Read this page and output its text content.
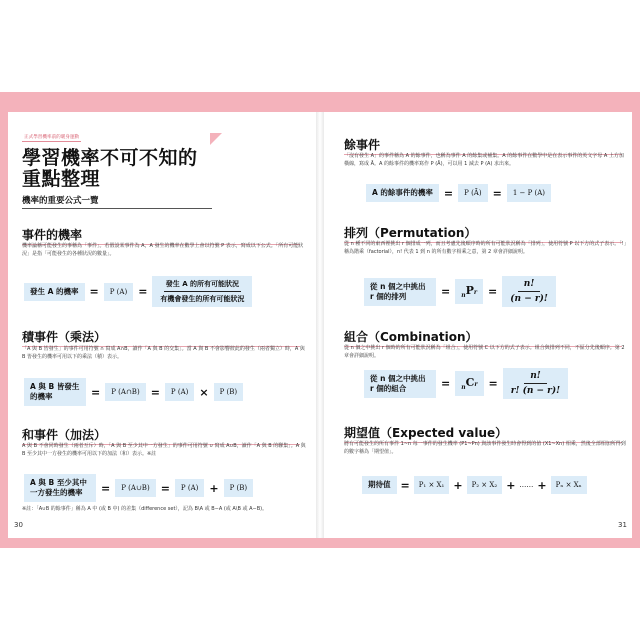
正式學習機率前的暖身運動
學習機率不可不知的
重點整理
機率的重要公式一覽
事件的機率
機率論稱可能發生的事稱為「事件」。若假設某事件為 A，A 發生的機率在數學上會以符號 P 表示，寫成以下公式。「所有可能狀況」是指「可能發生的各種狀況的數量」。
發生 A 的機率	=	P (A)	= $\frac{\text{發生 A 的所有可能狀況}}{\text{有機會發生的所有可能狀況}}$
積事件（乘法）
「A 與 B 皆發生」的事件可用符號 ∩ 寫成 A∩B，讀作「A 與 B 的交集」。當 A 與 B 不會影響彼此的發生（兩者獨立）時，A 與 B 皆發生的機率可用以下的乘法（積）表示。
A 與 B 皆發生的機率	=	P (A∩B)	=	P (A)	×	P (B)
和事件（加法）
A 與 B 不會同時發生（兩者互斥）時，「A 與 B 至少其中一方發生」的事件可用符號 ∪ 寫成 A∪B，讀作「A 與 B 的聯集」。A 與 B 至少其中一方發生的機率可用以下的加法（和）表示。※註
A 與 B 至少其中一方發生的機率	=	P (A∪B)	=	P (A)	+	P (B)
※註：「A∪B 的餘事件」稱為 A 中 (或 B 中) 的差集（difference set），記為 B\A 或 B−A (或 A\B 或 A−B)。
30
餘事件
「沒有發生 A」的事件稱為 A 的餘事件，也稱為事件 A 的餘集或補集。A 的餘事件在數學中是在表示事件的英文字母 A 上方加橫線，寫成 Ā。A 的餘事件的機率寫作 P (Ā)，可以用 1 減去 P (A) 求出來。
A 的餘事件的機率	=	P (Ā)	=	1 − P (A)
排列（Permutation）
從 n 種不同的東西裡挑出 r 個排成一列，而且考慮先後順序時的所有可能狀況稱為「排列」，使用符號 P 以下方的式子表示。「!」稱為階乘（factorial），n! 代表 1 到 n 的所有數字相乘之意，第 2 章會詳細說明。
從 n 個之中挑出 r 個的排列	=	$_n$Pr	= $\frac{n!}{(n - r)!}$
組合（Combination）
從 n 個之中挑出 r 個時的所有可能狀況稱為「組合」，使用符號 C 以下方的式子表示。組合與排列不同，不區分先後順序。第 2 章會詳細說明。
從 n 個之中挑出 r 個的組合	=	$_n$Cr	= $\frac{n!}{r! (n - r)!}$
期望值（Expected value）
將有可能發生的所有事件 1~n 每一事件的發生機率 (P1~Pn) 與該事件發生時會得到的值 (X1~Xn) 相乘，然後全部相加所得到的數字稱為「期望值」。
期待值 =	P₁ × X₁ +	P₂ × X₂ + …… +	Pₙ × Xₙ
31
